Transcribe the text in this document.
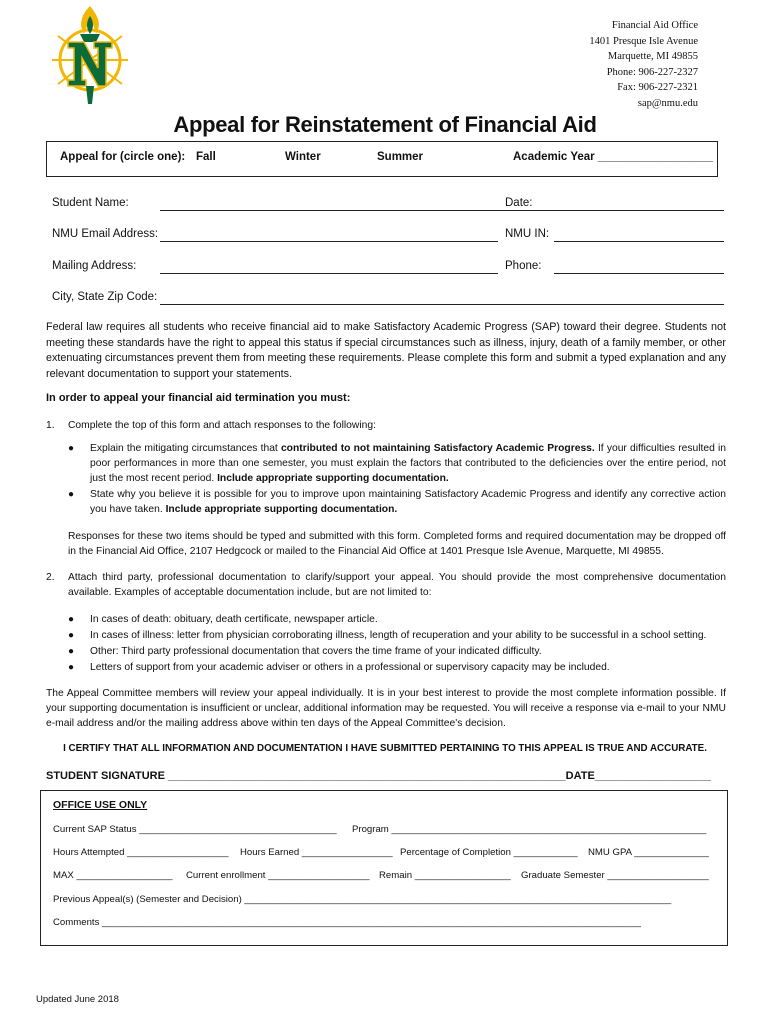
Financial Aid Office
1401 Presque Isle Avenue
Marquette, MI 49855
Phone: 906-227-2327
Fax: 906-227-2321
sap@nmu.edu
Appeal for Reinstatement of Financial Aid
Appeal for (circle one): Fall	Winter	Summer	Academic Year __________________
Student Name:	Date:
NMU Email Address:	NMU IN:
Mailing Address:	Phone:
City, State Zip Code:
Federal law requires all students who receive financial aid to make Satisfactory Academic Progress (SAP) toward their degree. Students not meeting these standards have the right to appeal this status if special circumstances such as illness, injury, death of a family member, or other extenuating circumstances prevent them from meeting these requirements. Please complete this form and submit a typed explanation and any relevant documentation to support your statements.
In order to appeal your financial aid termination you must:
1. Complete the top of this form and attach responses to the following:
● Explain the mitigating circumstances that contributed to not maintaining Satisfactory Academic Progress. If your difficulties resulted in poor performances in more than one semester, you must explain the factors that contributed to the deficiencies over the entire period, not just the most recent period. Include appropriate supporting documentation.
● State why you believe it is possible for you to improve upon maintaining Satisfactory Academic Progress and identify any corrective action you have taken. Include appropriate supporting documentation.
Responses for these two items should be typed and submitted with this form. Completed forms and required documentation may be dropped off in the Financial Aid Office, 2107 Hedgcock or mailed to the Financial Aid Office at 1401 Presque Isle Avenue, Marquette, MI 49855.
2. Attach third party, professional documentation to clarify/support your appeal. You should provide the most comprehensive documentation available. Examples of acceptable documentation include, but are not limited to:
● In cases of death: obituary, death certificate, newspaper article.
● In cases of illness: letter from physician corroborating illness, length of recuperation and your ability to be successful in a school setting.
● Other: Third party professional documentation that covers the time frame of your indicated difficulty.
● Letters of support from your academic adviser or others in a professional or supervisory capacity may be included.
The Appeal Committee members will review your appeal individually. It is in your best interest to provide the most complete information possible. If your supporting documentation is insufficient or unclear, additional information may be requested. You will receive a response via e-mail to your NMU e-mail address and/or the mailing address above within ten days of the Appeal Committee's decision.
I CERTIFY THAT ALL INFORMATION AND DOCUMENTATION I HAVE SUBMITTED PERTAINING TO THIS APPEAL IS TRUE AND ACCURATE.
STUDENT SIGNATURE _________________________________________________________________DATE___________________
OFFICE USE ONLY
Current SAP Status _____________________________________ Program ___________________________________________________________
Hours Attempted ___________________ Hours Earned _________________ Percentage of Completion ____________ NMU GPA ______________
MAX __________________ Current enrollment ___________________ Remain __________________ Graduate Semester ___________________
Previous Appeal(s) (Semester and Decision) ________________________________________________________________________________
Comments _____________________________________________________________________________________________________
Updated June 2018
